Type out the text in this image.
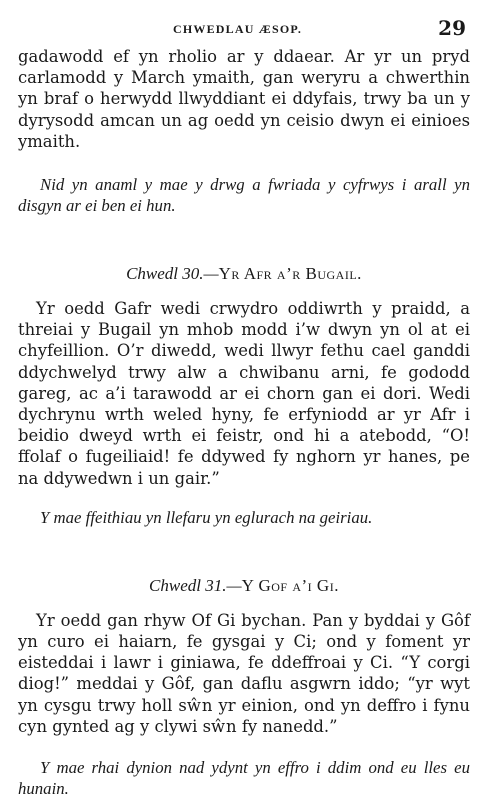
CHWEDLAU ÆSOP.	29

gadawodd ef yn rholio ar y ddaear. Ar yr un pryd carlamodd y March ymaith, gan weryru a chwerthin yn braf o herwydd llwyddiant ei ddyfais, trwy ba un y dyrysodd amcan un ag oedd yn ceisio dwyn ei einioes ymaith.

Nid yn anaml y mae y drwg a fwriada y cyfrwys i arall yn disgyn ar ei ben ei hun.

Chwedl 30.—Yr Afr a’r Bugail.

Yr oedd Gafr wedi crwydro oddiwrth y praidd, a threiai y Bugail yn mhob modd i’w dwyn yn ol at ei chyfeillion. O’r diwedd, wedi llwyr fethu cael ganddi ddychwelyd trwy alw a chwibanu arni, fe gododd gareg, ac a’i tarawodd ar ei chorn gan ei dori. Wedi dychrynu wrth weled hyny, fe erfyniodd ar yr Afr i beidio dweyd wrth ei feistr, ond hi a atebodd, “O! ffolaf o fugeiliaid! fe ddywed fy nghorn yr hanes, pe na ddywedwn i un gair.”

Y mae ffeithiau yn llefaru yn eglurach na geiriau.

Chwedl 31.—Y Gof a’i Gi.

Yr oedd gan rhyw Of Gi bychan. Pan y byddai y Gôf yn curo ei haiarn, fe gysgai y Ci; ond y foment yr eisteddai i lawr i giniawa, fe ddeffroai y Ci. “Y corgi diog!” meddai y Gôf, gan daflu asgwrn iddo; “yr wyt yn cysgu trwy holl sŵn yr einion, ond yn deffro i fynu cyn gynted ag y clywi sŵn fy nanedd.”

Y mae rhai dynion nad ydynt yn effro i ddim ond eu lles eu hunain.
